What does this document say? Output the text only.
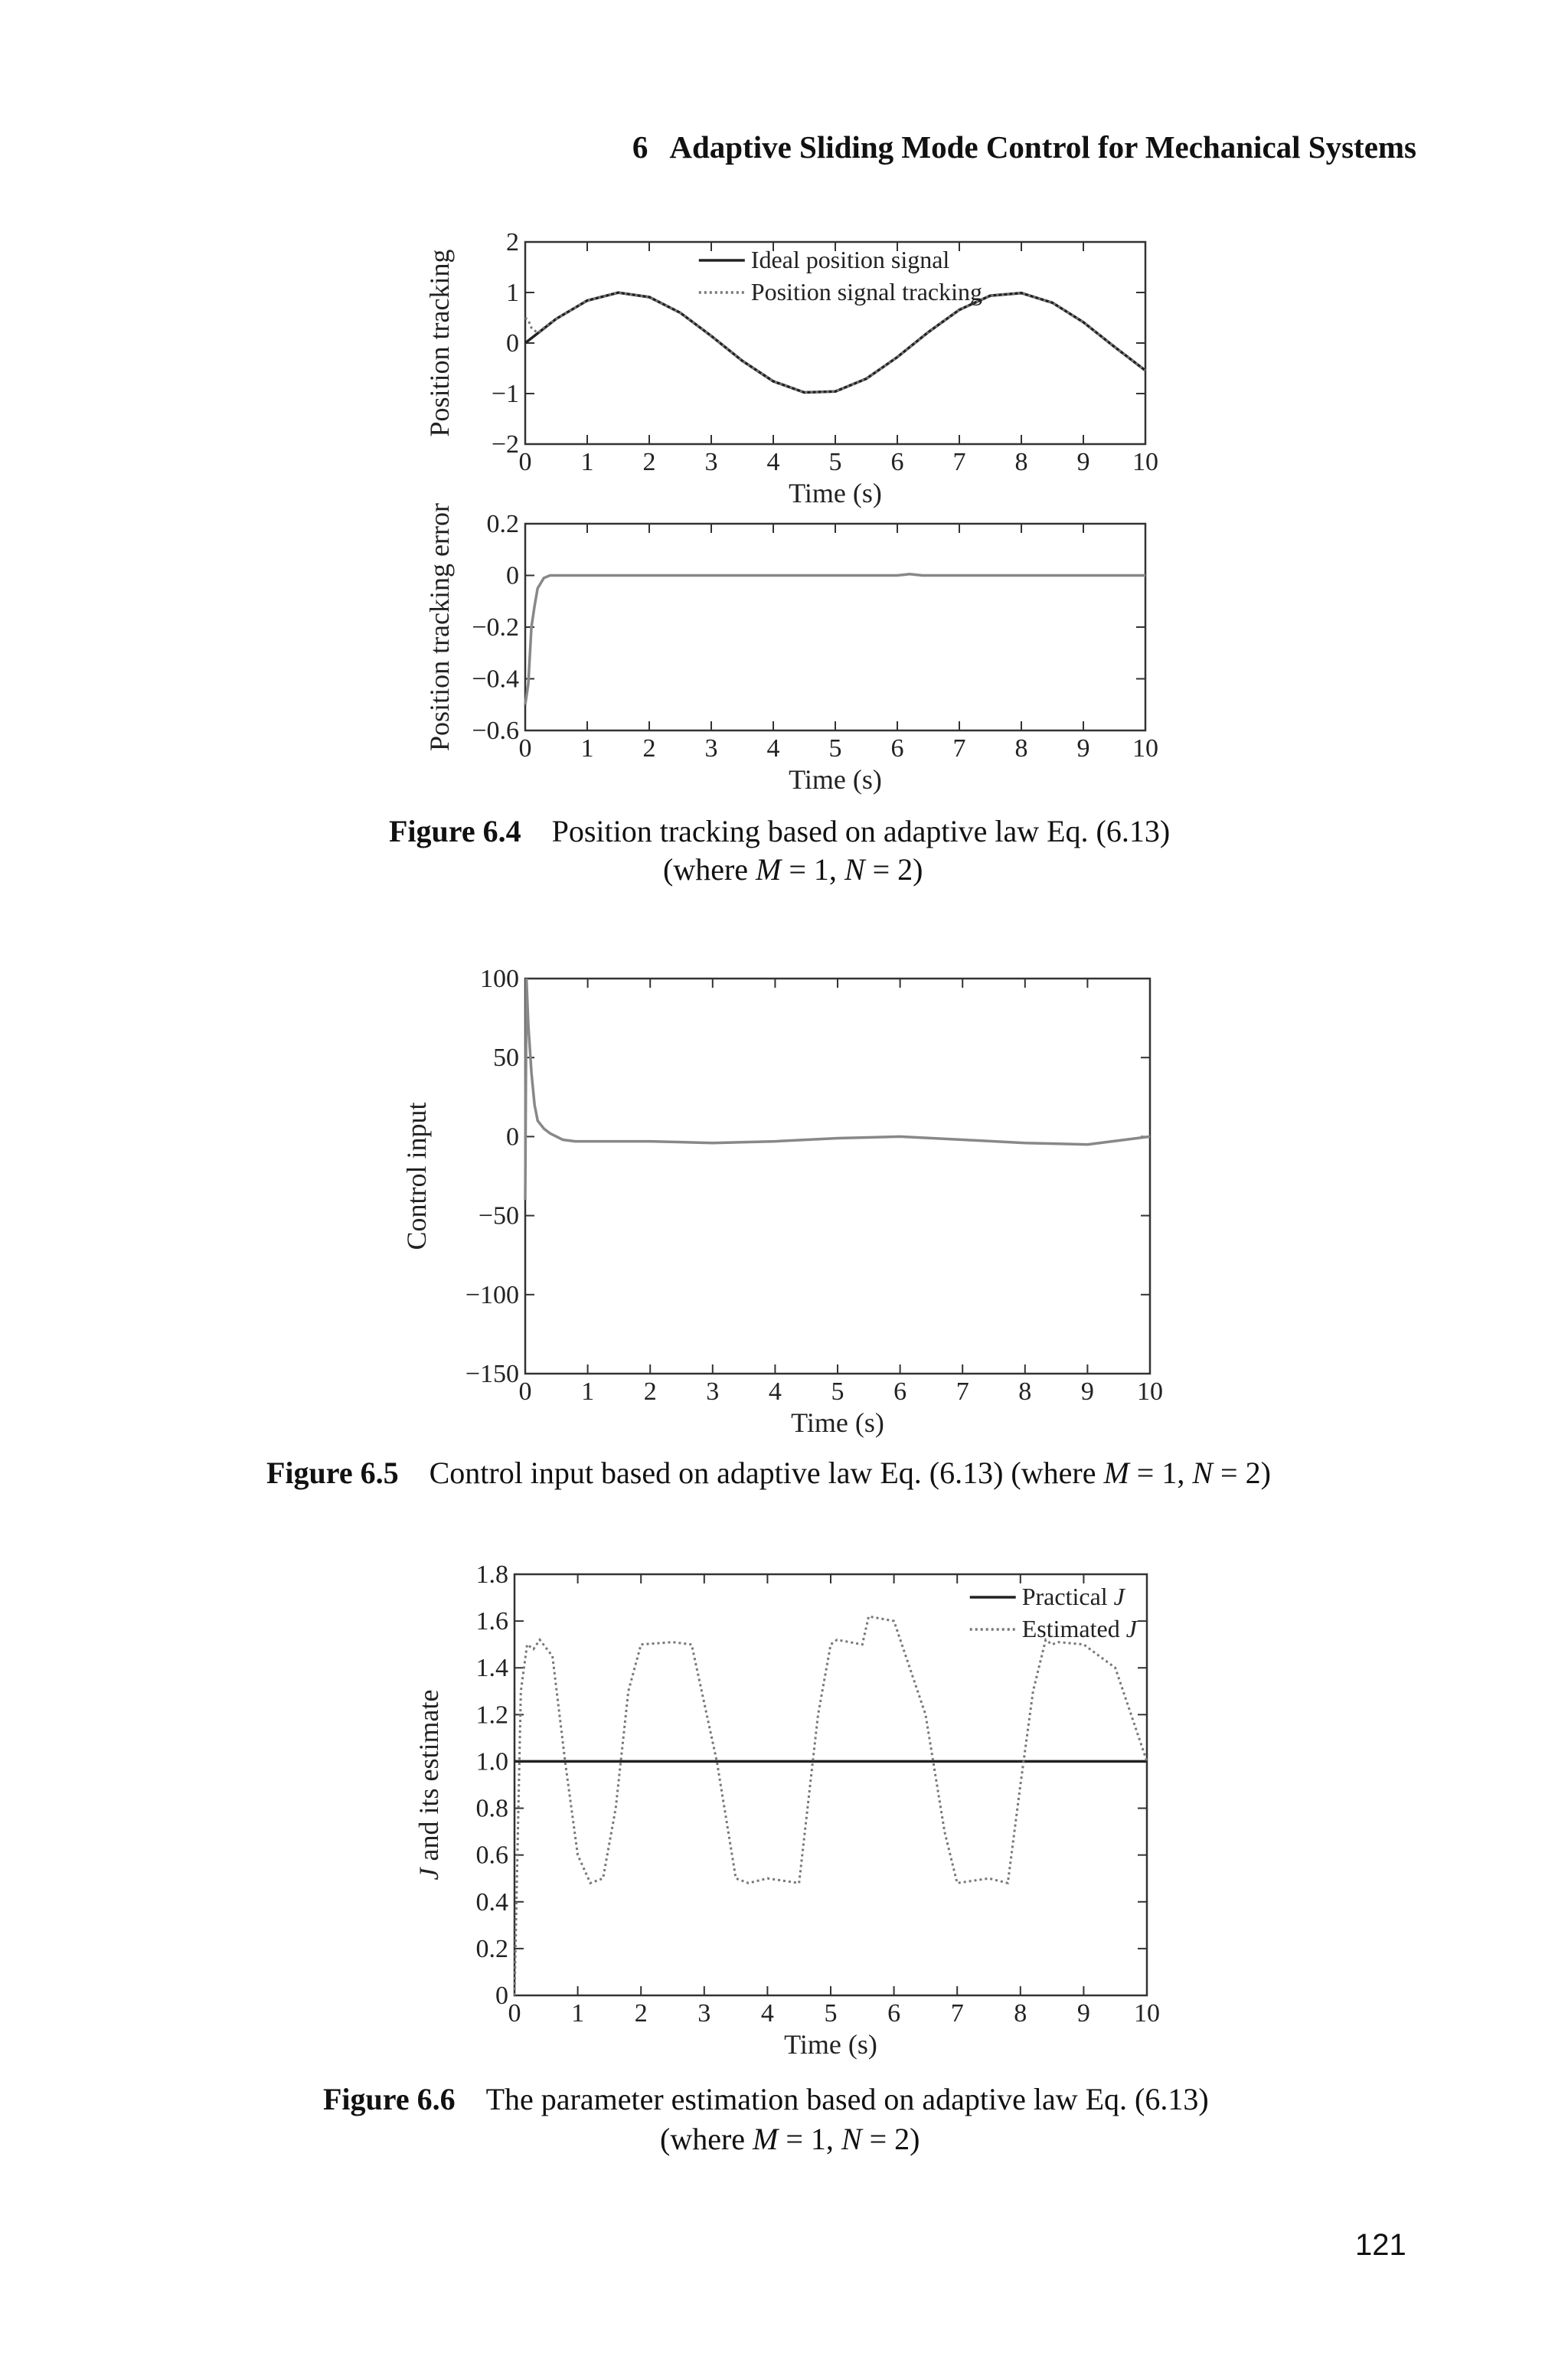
6 Adaptive Sliding Mode Control for Mechanical Systems
0 1 2 3 4 5 6 7 8 9 10
−2
−1
0
1
2
Time (s)
Position tracking	Ideal position signal
Position signal tracking
0 1 2 3 4 5 6 7 8 9 10
−0.6
−0.4
−0.2
0
0.2
Time (s)
Position tracking error
0 1 2 3 4 5 6 7 8 9 10
−150
−100
−50
0
50
100
Time (s)
Control input
0 1 2 3 4 5 6 7 8 9 10
0
0.2
0.4
0.6
0.8
1.0
1.2
1.4
1.6
1.8
Time (s)
J and its estimate
Practical J
Estimated J
Figure 6.4 Position tracking based on adaptive law Eq. (6.13)
(where M = 1, N = 2)
Figure 6.5 Control input based on adaptive law Eq. (6.13) (where M = 1, N = 2)
Figure 6.6 The parameter estimation based on adaptive law Eq. (6.13)
(where M = 1, N = 2)
121
